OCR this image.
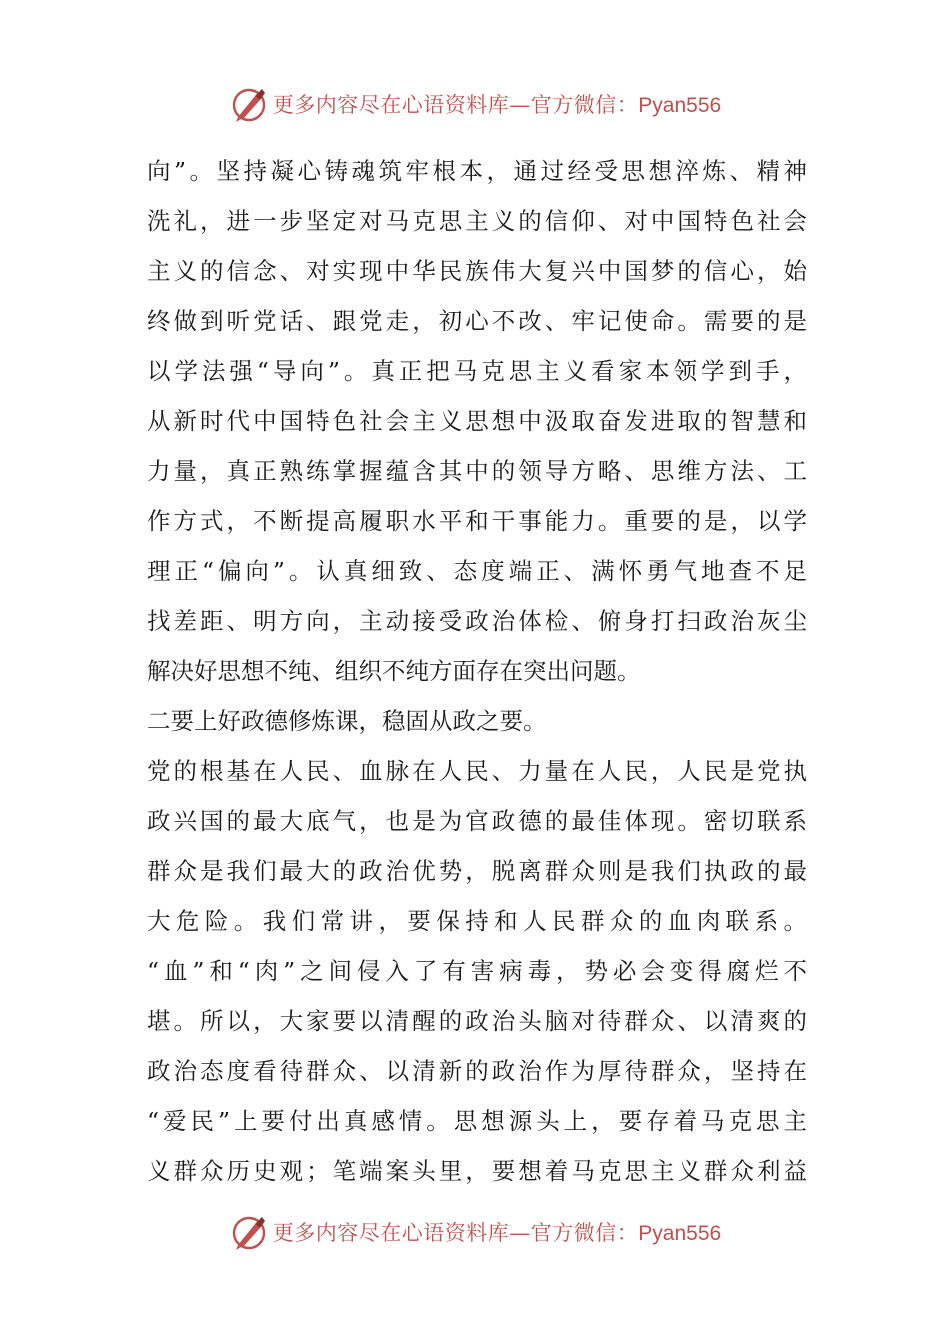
更多内容尽在心语资料库—官方微信：Pyan556
向”。坚持凝心铸魂筑牢根本，通过经受思想淬炼、精神
洗礼，进一步坚定对马克思主义的信仰、对中国特色社会
主义的信念、对实现中华民族伟大复兴中国梦的信心，始
终做到听党话、跟党走，初心不改、牢记使命。需要的是
以学法强“导向”。真正把马克思主义看家本领学到手，
从新时代中国特色社会主义思想中汲取奋发进取的智慧和
力量，真正熟练掌握蕴含其中的领导方略、思维方法、工
作方式，不断提高履职水平和干事能力。重要的是，以学
理正“偏向”。认真细致、态度端正、满怀勇气地查不足
找差距、明方向，主动接受政治体检、俯身打扫政治灰尘
解决好思想不纯、组织不纯方面存在突出问题。
二要上好政德修炼课，稳固从政之要。
党的根基在人民、血脉在人民、力量在人民，人民是党执
政兴国的最大底气，也是为官政德的最佳体现。密切联系
群众是我们最大的政治优势，脱离群众则是我们执政的最
大危险。我们常讲，要保持和人民群众的血肉联系。
“血”和“肉”之间侵入了有害病毒，势必会变得腐烂不
堪。所以，大家要以清醒的政治头脑对待群众、以清爽的
政治态度看待群众、以清新的政治作为厚待群众，坚持在
“爱民”上要付出真感情。思想源头上，要存着马克思主
义群众历史观；笔端案头里，要想着马克思主义群众利益
更多内容尽在心语资料库—官方微信：Pyan556
